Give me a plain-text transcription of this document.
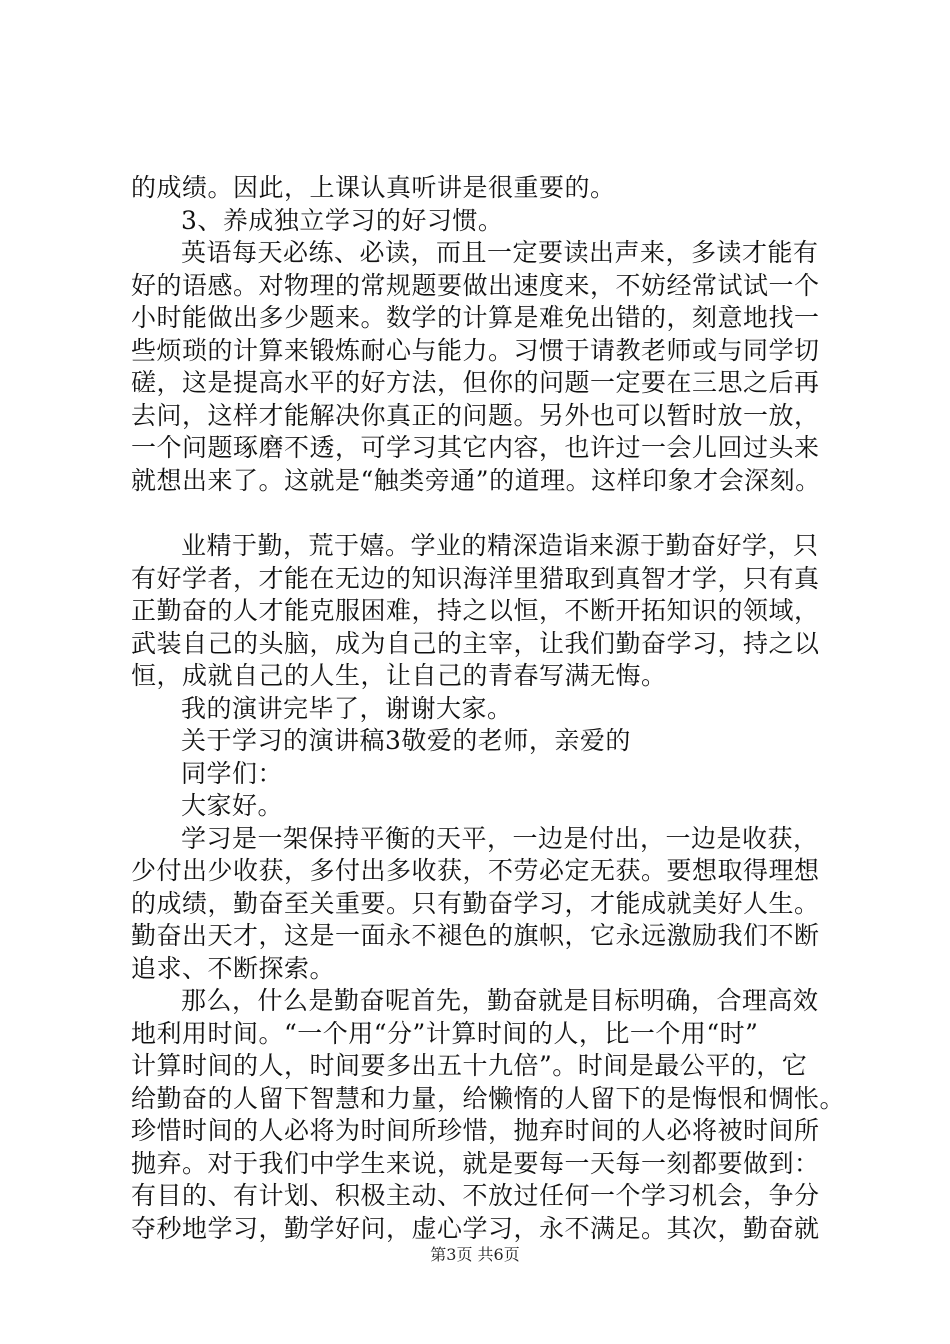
的成绩。因此，上课认真听讲是很重要的。
3、养成独立学习的好习惯。
英语每天必练、必读，而且一定要读出声来，多读才能有
好的语感。对物理的常规题要做出速度来，不妨经常试试一个
小时能做出多少题来。数学的计算是难免出错的，刻意地找一
些烦琐的计算来锻炼耐心与能力。习惯于请教老师或与同学切
磋，这是提高水平的好方法，但你的问题一定要在三思之后再
去问，这样才能解决你真正的问题。另外也可以暂时放一放，
一个问题琢磨不透，可学习其它内容，也许过一会儿回过头来
就想出来了。这就是“触类旁通”的道理。这样印象才会深刻。
业精于勤，荒于嬉。学业的精深造诣来源于勤奋好学，只
有好学者，才能在无边的知识海洋里猎取到真智才学，只有真
正勤奋的人才能克服困难，持之以恒，不断开拓知识的领域，
武装自己的头脑，成为自己的主宰，让我们勤奋学习，持之以
恒，成就自己的人生，让自己的青春写满无悔。
我的演讲完毕了，谢谢大家。
关于学习的演讲稿3敬爱的老师，亲爱的
同学们：
大家好。
学习是一架保持平衡的天平，一边是付出，一边是收获，
少付出少收获，多付出多收获，不劳必定无获。要想取得理想
的成绩，勤奋至关重要。只有勤奋学习，才能成就美好人生。
勤奋出天才，这是一面永不褪色的旗帜，它永远激励我们不断
追求、不断探索。
那么，什么是勤奋呢首先，勤奋就是目标明确，合理高效
地利用时间。“一个用“分”计算时间的人，比一个用“时”
计算时间的人，时间要多出五十九倍”。时间是最公平的，它
给勤奋的人留下智慧和力量，给懒惰的人留下的是悔恨和惆怅。
珍惜时间的人必将为时间所珍惜，抛弃时间的人必将被时间所
抛弃。对于我们中学生来说，就是要每一天每一刻都要做到：
有目的、有计划、积极主动、不放过任何一个学习机会，争分
夺秒地学习，勤学好问，虚心学习，永不满足。其次，勤奋就
第3页 共6页
